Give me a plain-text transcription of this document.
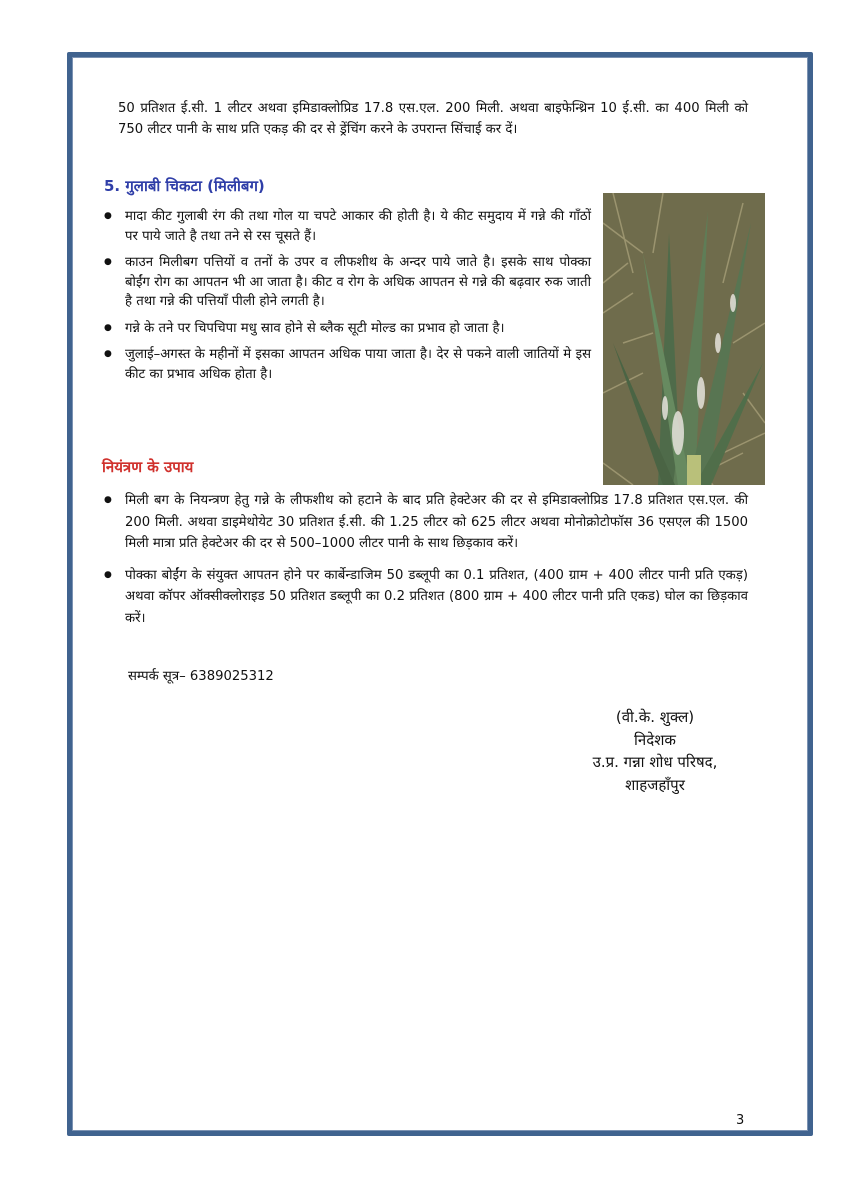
50 प्रतिशत ई.सी. 1 लीटर अथवा इमिडाक्लोप्रिड 17.8 एस.एल. 200 मिली. अथवा बाइफेन्थ्रिन 10 ई.सी. का 400 मिली को 750 लीटर पानी के साथ प्रति एकड़ की दर से ड्रेंचिंग करने के उपरान्त सिंचाई कर दें।

5. गुलाबी चिकटा (मिलीबग)
● मादा कीट गुलाबी रंग की तथा गोल या चपटे आकार की होती है। ये कीट समुदाय में गन्ने की गाँठों पर पाये जाते है तथा तने से रस चूसते हैं।
● काउन मिलीबग पत्तियों व तनों के उपर व लीफशीथ के अन्दर पाये जाते है। इसके साथ पोक्का बोईंग रोग का आपतन भी आ जाता है। कीट व रोग के अधिक आपतन से गन्ने की बढ़वार रुक जाती है तथा गन्ने की पत्तियाँ पीली होने लगती है।
● गन्ने के तने पर चिपचिपा मधु स्राव होने से ब्लैक सूटी मोल्ड का प्रभाव हो जाता है।
● जुलाई–अगस्त के महीनों में इसका आपतन अधिक पाया जाता है। देर से पकने वाली जातियों मे इस कीट का प्रभाव अधिक होता है।
नियंत्रण के उपाय
● मिली बग के नियन्त्रण हेतु गन्ने के लीफशीथ को हटाने के बाद प्रति हेक्टेअर की दर से इमिडाक्लोप्रिड 17.8 प्रतिशत एस.एल. की 200 मिली. अथवा डाइमेथोयेट 30 प्रतिशत ई.सी. की 1.25 लीटर को 625 लीटर अथवा मोनोक्रोटोफॉस 36 एसएल की 1500 मिली मात्रा प्रति हेक्टेअर की दर से 500–1000 लीटर पानी के साथ छिड़काव करें।
● पोक्का बोईंग के संयुक्त आपतन होने पर कार्बेन्डाजिम 50 डब्लूपी का 0.1 प्रतिशत, (400 ग्राम + 400 लीटर पानी प्रति एकड़) अथवा कॉपर ऑक्सीक्लोराइड 50 प्रतिशत डब्लूपी का 0.2 प्रतिशत (800 ग्राम + 400 लीटर पानी प्रति एकड) घोल का छिड़काव करें।
सम्पर्क सूत्र– 6389025312
(वी.के. शुक्ल)
निदेशक
उ.प्र. गन्ना शोध परिषद,
शाहजहाँपुर
3
